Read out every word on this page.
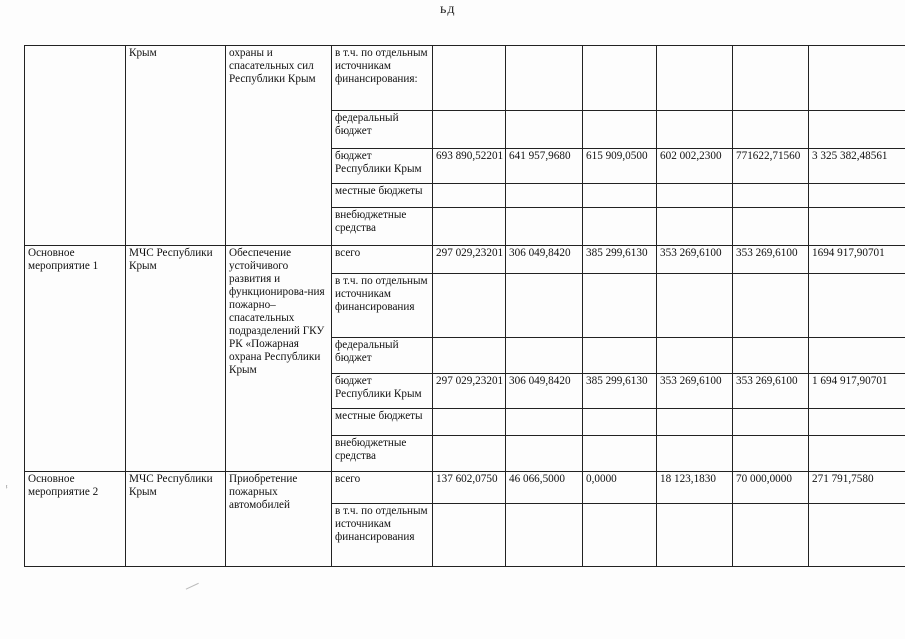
ьд
ⸯ
	Крым	охраны и спасательных сил Республики Крым	в т.ч. по отдельным источникам финансирования:						
			федеральный бюджет						
			бюджет Республики Крым	693 890,52201	641 957,9680	615 909,0500	602 002,2300	771622,71560	3 325 382,48561
			местные бюджеты						
			внебюджетные средства						
Основное мероприятие 1	МЧС Республики Крым	Обеспечение устойчивого развития и функционирова-ния пожарно–спасательных подразделений ГКУ РК «Пожарная охрана Республики Крым	всего	297 029,23201	306 049,8420	385 299,6130	353 269,6100	353 269,6100	1694 917,90701
			в т.ч. по отдельным источникам финансирования						
			федеральный бюджет						
			бюджет Республики Крым	297 029,23201	306 049,8420	385 299,6130	353 269,6100	353 269,6100	1 694 917,90701
			местные бюджеты						
			внебюджетные средства						
Основное мероприятие 2	МЧС Республики Крым	Приобретение пожарных автомобилей	всего	137 602,0750	46 066,5000	0,0000	18 123,1830	70 000,0000	271 791,7580
			в т.ч. по отдельным источникам финансирования						
